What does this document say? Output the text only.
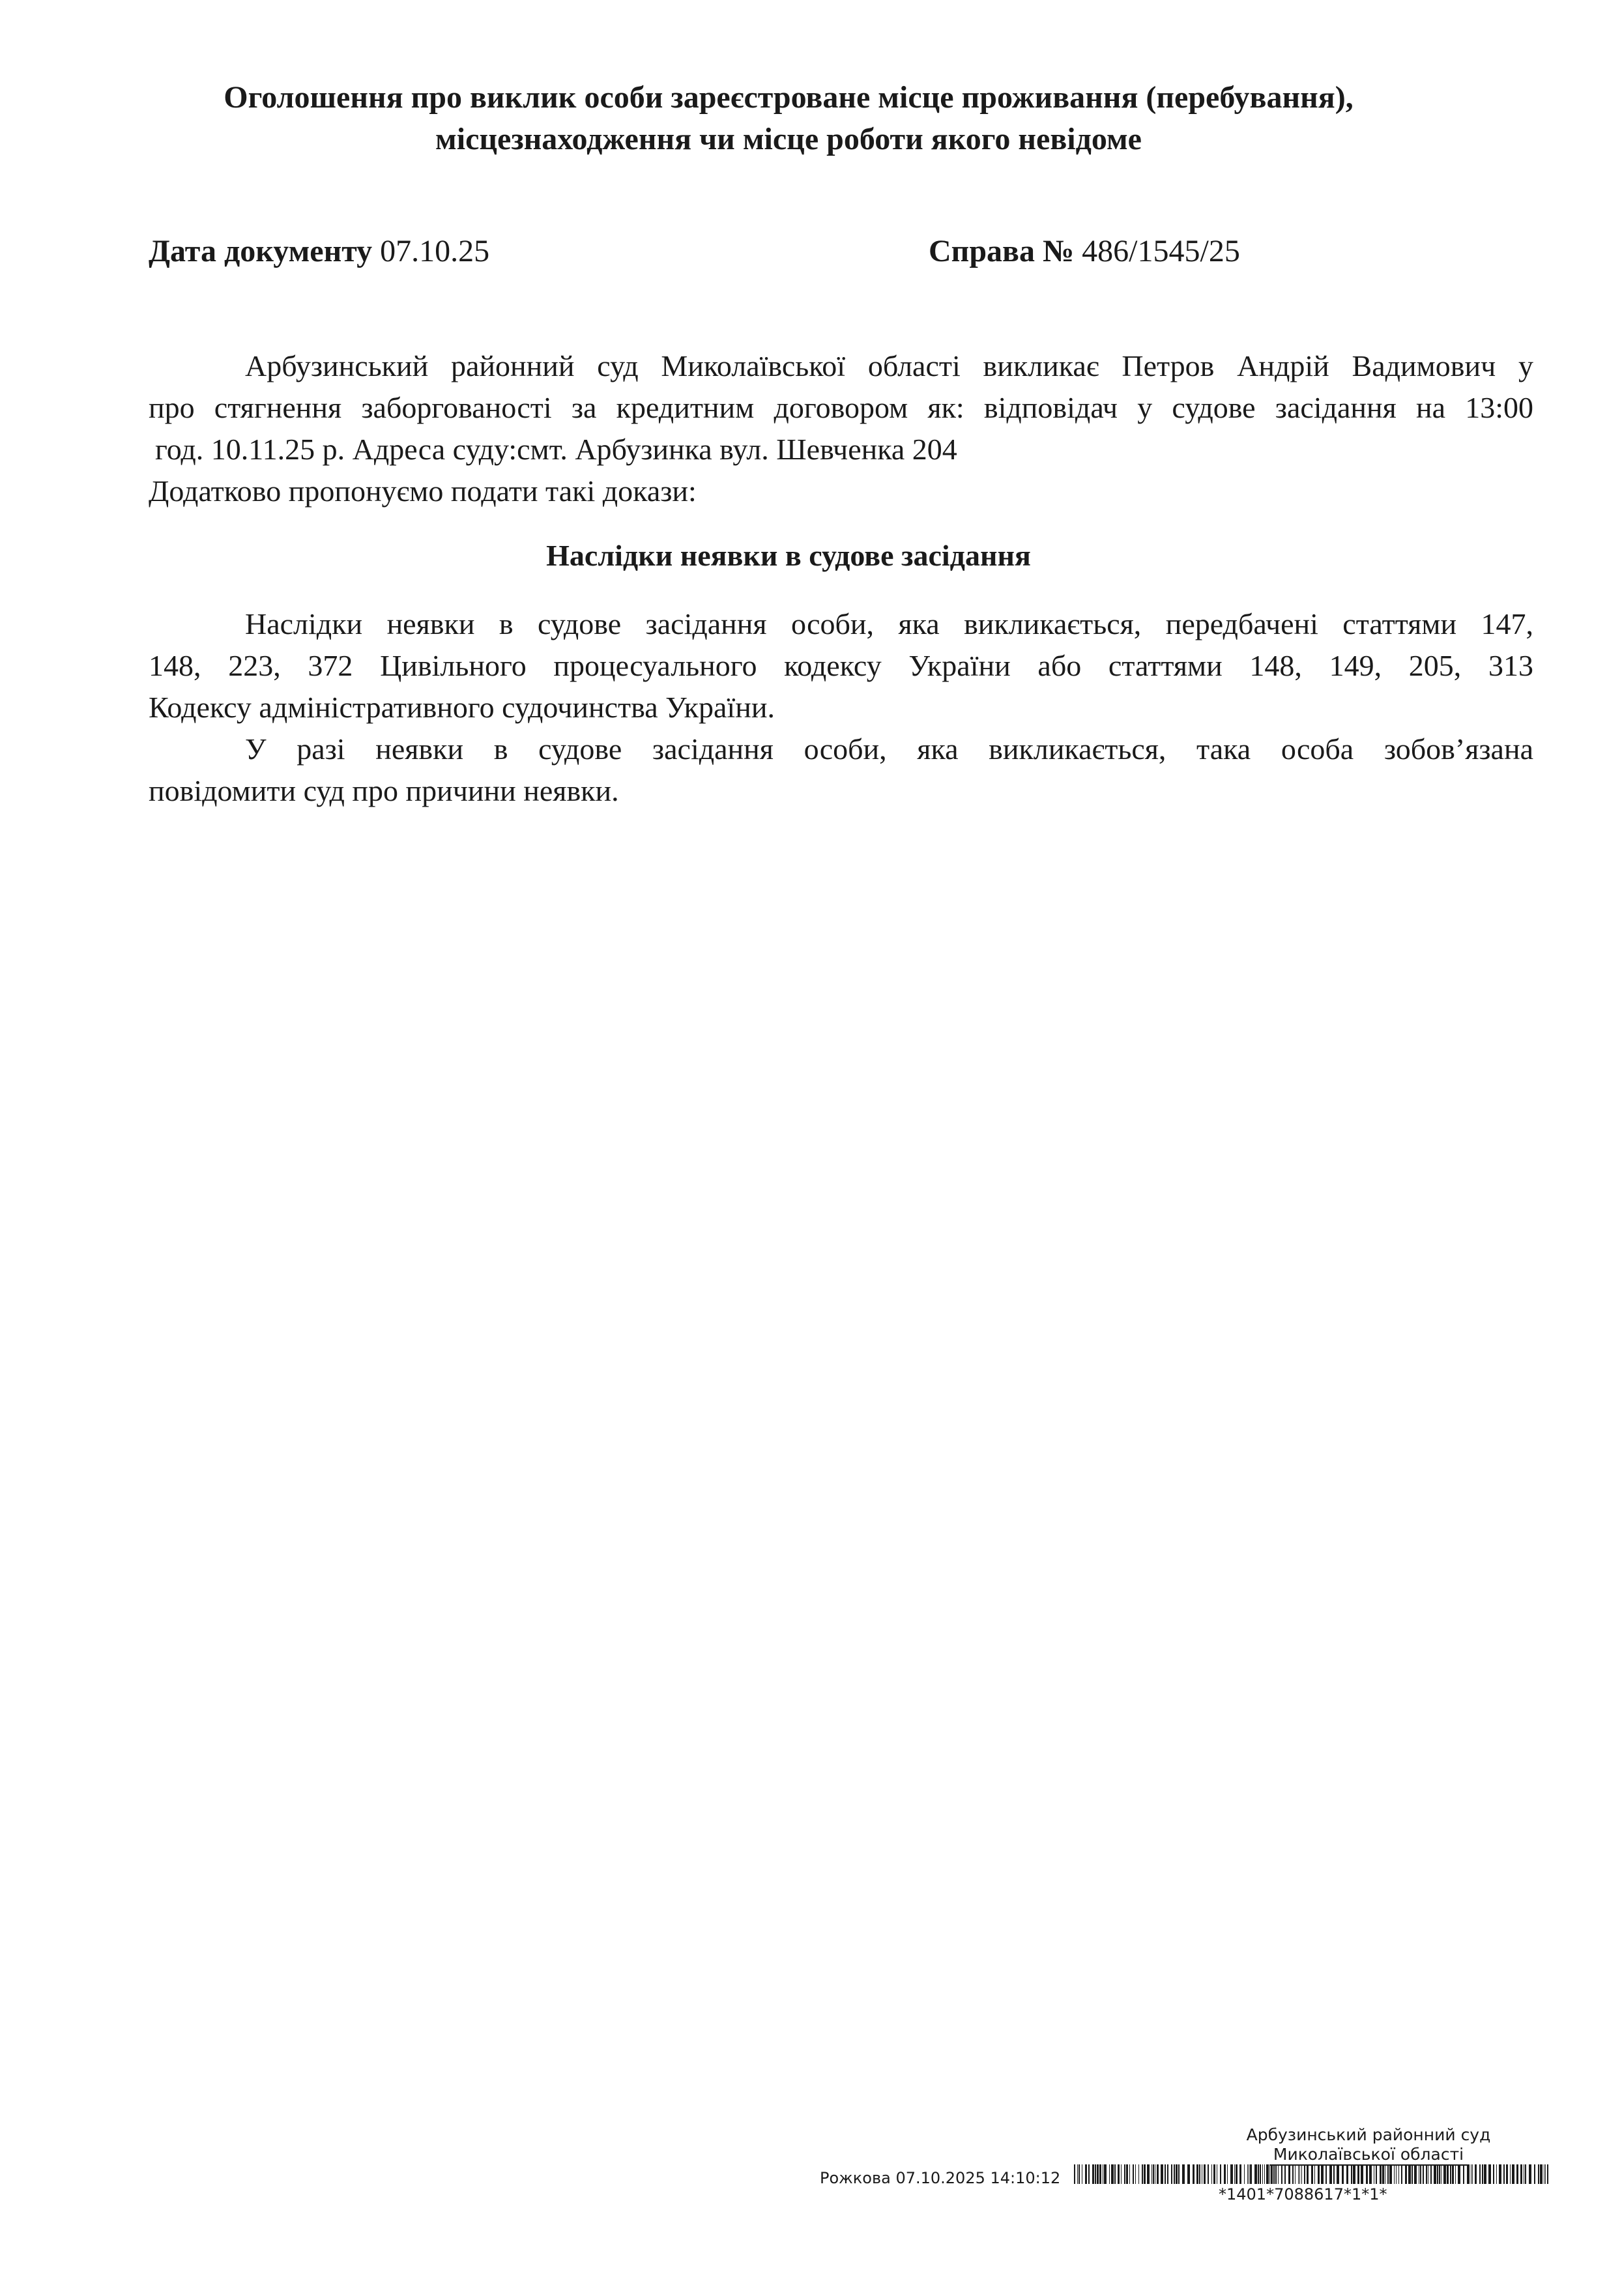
Оголошення про виклик особи зареєстроване місце проживання (перебування),
місцезнаходження чи місце роботи якого невідоме
Дата документу 07.10.25	Справа № 486/1545/25
Арбузинський районний суд Миколаївської області викликає Петров Андрій Вадимович у
про стягнення заборгованості за кредитним договором як: відповідач у судове засідання на 13:00
год. 10.11.25 р. Адреса суду:смт. Арбузинка вул. Шевченка 204
Додатково пропонуємо подати такі докази:
Наслідки неявки в судове засідання
Наслідки неявки в судове засідання особи, яка викликається, передбачені статтями 147,
148, 223, 372 Цивільного процесуального кодексу України або статтями 148, 149, 205, 313
Кодексу адміністративного судочинства України.
У разі неявки в судове засідання особи, яка викликається, така особа зобов’язана
повідомити суд про причини неявки.
Арбузинський районний суд
Миколаївської області
Рожкова 07.10.2025 14:10:12
*1401*7088617*1*1*
